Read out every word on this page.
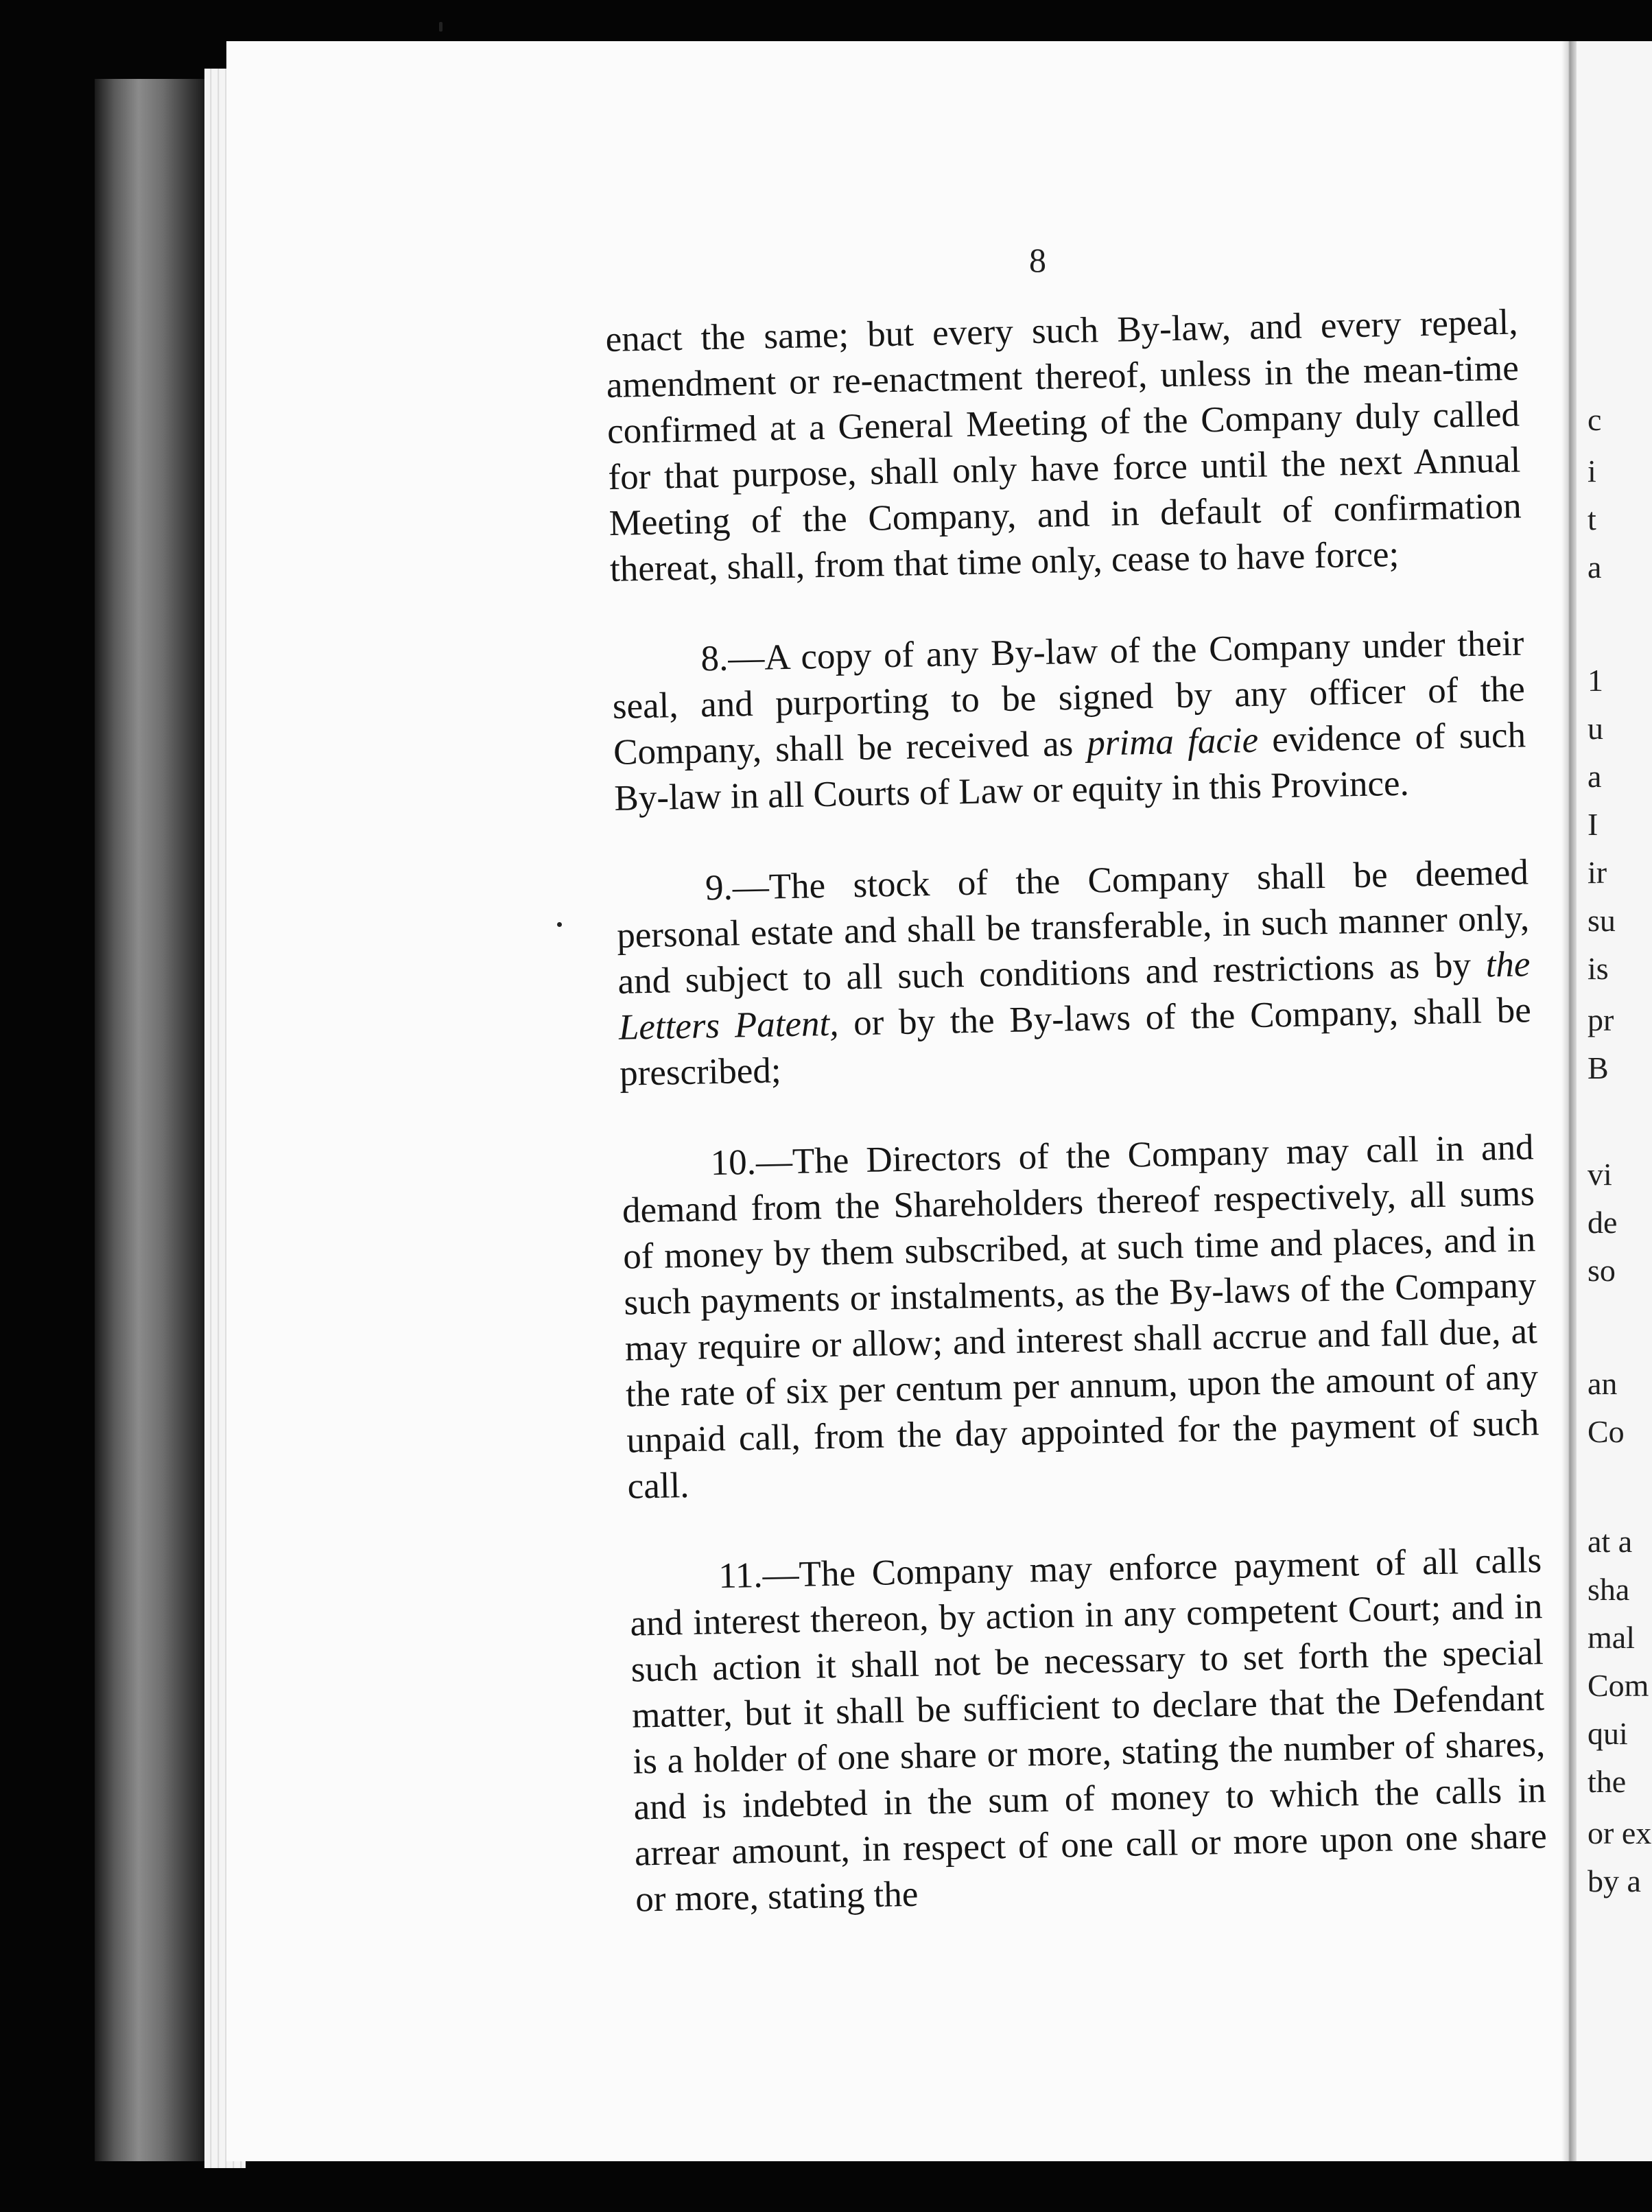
c
i
t
a
1
u
a
I
ir
su
is
pr
B
vi
de
so
an
Co
at a
sha
mal
Com
qui
the
or ex
by a
8

enact the same; but every such By-law, and every repeal, amendment or re-enactment thereof, unless in the mean-time confirmed at a General Meeting of the Company duly called for that purpose, shall only have force until the next Annual Meeting of the Company, and in default of confirmation thereat, shall, from that time only, cease to have force;

8.—A copy of any By-law of the Company under their seal, and purporting to be signed by any officer of the Company, shall be received as prima facie evidence of such By-law in all Courts of Law or equity in this Province.

9.—The stock of the Company shall be deemed personal estate and shall be transferable, in such manner only, and subject to all such conditions and restrictions as by the Letters Patent, or by the By-laws of the Company, shall be prescribed;

10.—The Directors of the Company may call in and demand from the Shareholders thereof respectively, all sums of money by them subscribed, at such time and places, and in such payments or instalments, as the By-laws of the Company may require or allow; and interest shall accrue and fall due, at the rate of six per centum per annum, upon the amount of any unpaid call, from the day appointed for the payment of such call.

11.—The Company may enforce payment of all calls and interest thereon, by action in any competent Court; and in such action it shall not be necessary to set forth the special matter, but it shall be sufficient to declare that the Defendant is a holder of one share or more, stating the number of shares, and is indebted in the sum of money to which the calls in arrear amount, in respect of one call or more upon one share or more, stating the
